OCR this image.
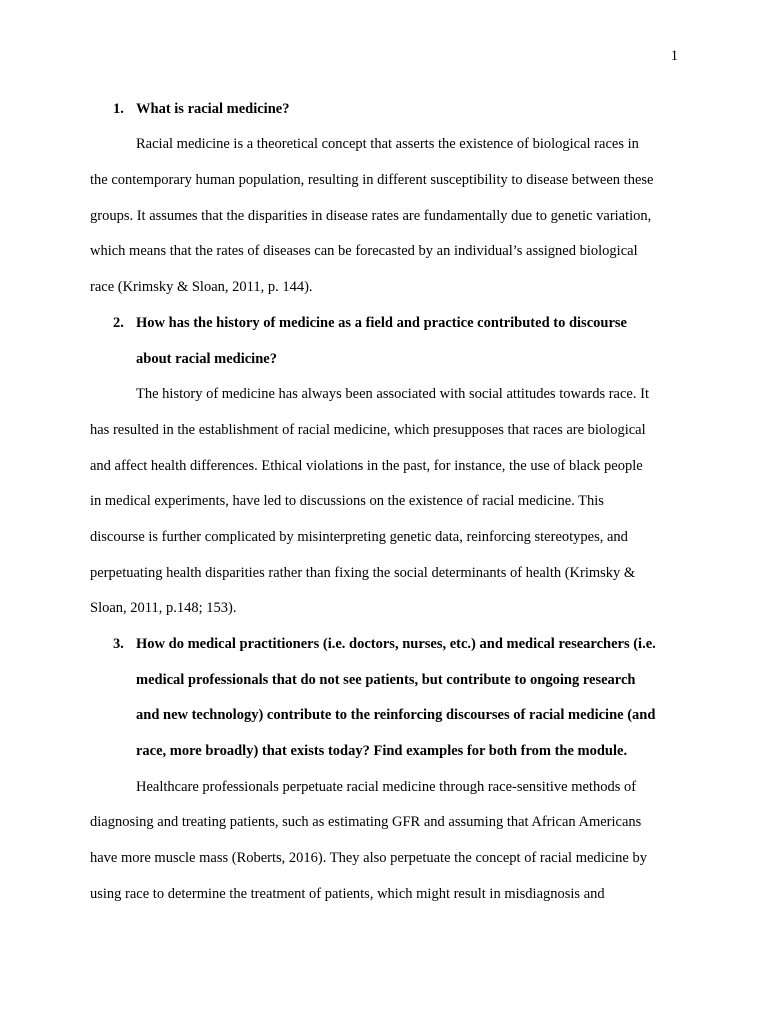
1
1. What is racial medicine?
Racial medicine is a theoretical concept that asserts the existence of biological races in
the contemporary human population, resulting in different susceptibility to disease between these
groups. It assumes that the disparities in disease rates are fundamentally due to genetic variation,
which means that the rates of diseases can be forecasted by an individual’s assigned biological
race (Krimsky & Sloan, 2011, p. 144).
2. How has the history of medicine as a field and practice contributed to discourse
about racial medicine?
The history of medicine has always been associated with social attitudes towards race. It
has resulted in the establishment of racial medicine, which presupposes that races are biological
and affect health differences. Ethical violations in the past, for instance, the use of black people
in medical experiments, have led to discussions on the existence of racial medicine. This
discourse is further complicated by misinterpreting genetic data, reinforcing stereotypes, and
perpetuating health disparities rather than fixing the social determinants of health (Krimsky &
Sloan, 2011, p.148; 153).
3. How do medical practitioners (i.e. doctors, nurses, etc.) and medical researchers (i.e.
medical professionals that do not see patients, but contribute to ongoing research
and new technology) contribute to the reinforcing discourses of racial medicine (and
race, more broadly) that exists today? Find examples for both from the module.
Healthcare professionals perpetuate racial medicine through race-sensitive methods of
diagnosing and treating patients, such as estimating GFR and assuming that African Americans
have more muscle mass (Roberts, 2016). They also perpetuate the concept of racial medicine by
using race to determine the treatment of patients, which might result in misdiagnosis and
